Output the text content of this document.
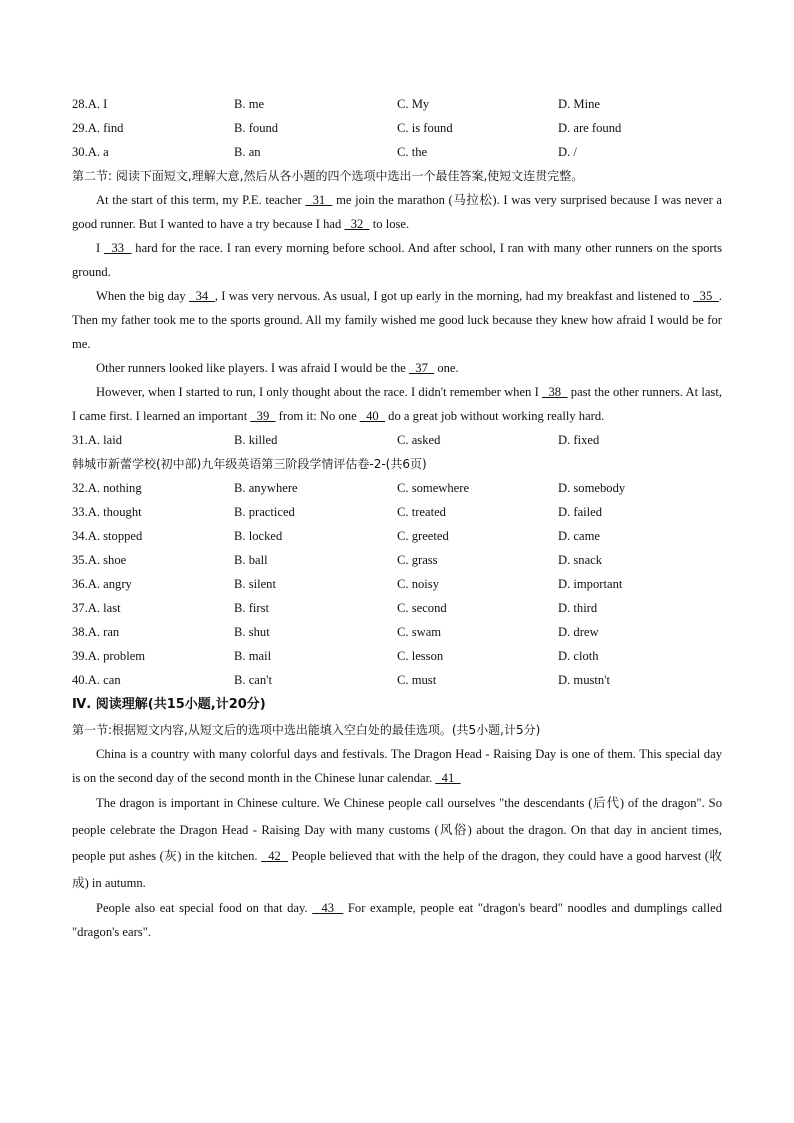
28.A. I	B. me	C. My	D. Mine
29.A. find	B. found	C. is found	D. are found
30.A. a	B. an	C. the	D. /
第二节: 阅读下面短文,理解大意,然后从各小题的四个选项中选出一个最佳答案,使短文连贯完整。

At the start of this term, my P.E. teacher   31   me join the marathon (马拉松). I was very surprised because I was never a good runner. But I wanted to have a try because I had   32   to lose.

I   33   hard for the race. I ran every morning before school. And after school, I ran with many other runners on the sports ground.

When the big day   34  , I was very nervous. As usual, I got up early in the morning, had my breakfast and listened to   35  . Then my father took me to the sports ground. All my family wished me good luck because they knew how afraid I would be for me.

Other runners looked like players. I was afraid I would be the   37   one.

However, when I started to run, I only thought about the race. I didn't remember when I   38   past the other runners. At last, I came first. I learned an important   39   from it: No one   40   do a great job without working really hard.

31.A. laid	B. killed	C. asked	D. fixed
韩城市新蕾学校(初中部)九年级英语第三阶段学情评估卷-2-(共6页)
32.A. nothing	B. anywhere	C. somewhere	D. somebody
33.A. thought	B. practiced	C. treated	D. failed
34.A. stopped	B. locked	C. greeted	D. came
35.A. shoe	B. ball	C. grass	D. snack
36.A. angry	B. silent	C. noisy	D. important
37.A. last	B. first	C. second	D. third
38.A. ran	B. shut	C. swam	D. drew
39.A. problem	B. mail	C. lesson	D. cloth
40.A. can	B. can't	C. must	D. mustn't
Ⅳ. 阅读理解(共15小题,计20分)
第一节:根据短文内容,从短文后的选项中选出能填入空白处的最佳选项。(共5小题,计5分)

China is a country with many colorful days and festivals. The Dragon Head - Raising Day is one of them. This special day is on the second day of the second month in the Chinese lunar calendar.   41

The dragon is important in Chinese culture. We Chinese people call ourselves "the descendants (后代) of the dragon". So people celebrate the Dragon Head - Raising Day with many customs (风俗) about the dragon. On that day in ancient times, people put ashes (灰) in the kitchen.   42   People believed that with the help of the dragon, they could have a good harvest (收成) in autumn.

People also eat special food on that day.   43   For example, people eat "dragon's beard" noodles and dumplings called "dragon's ears".
